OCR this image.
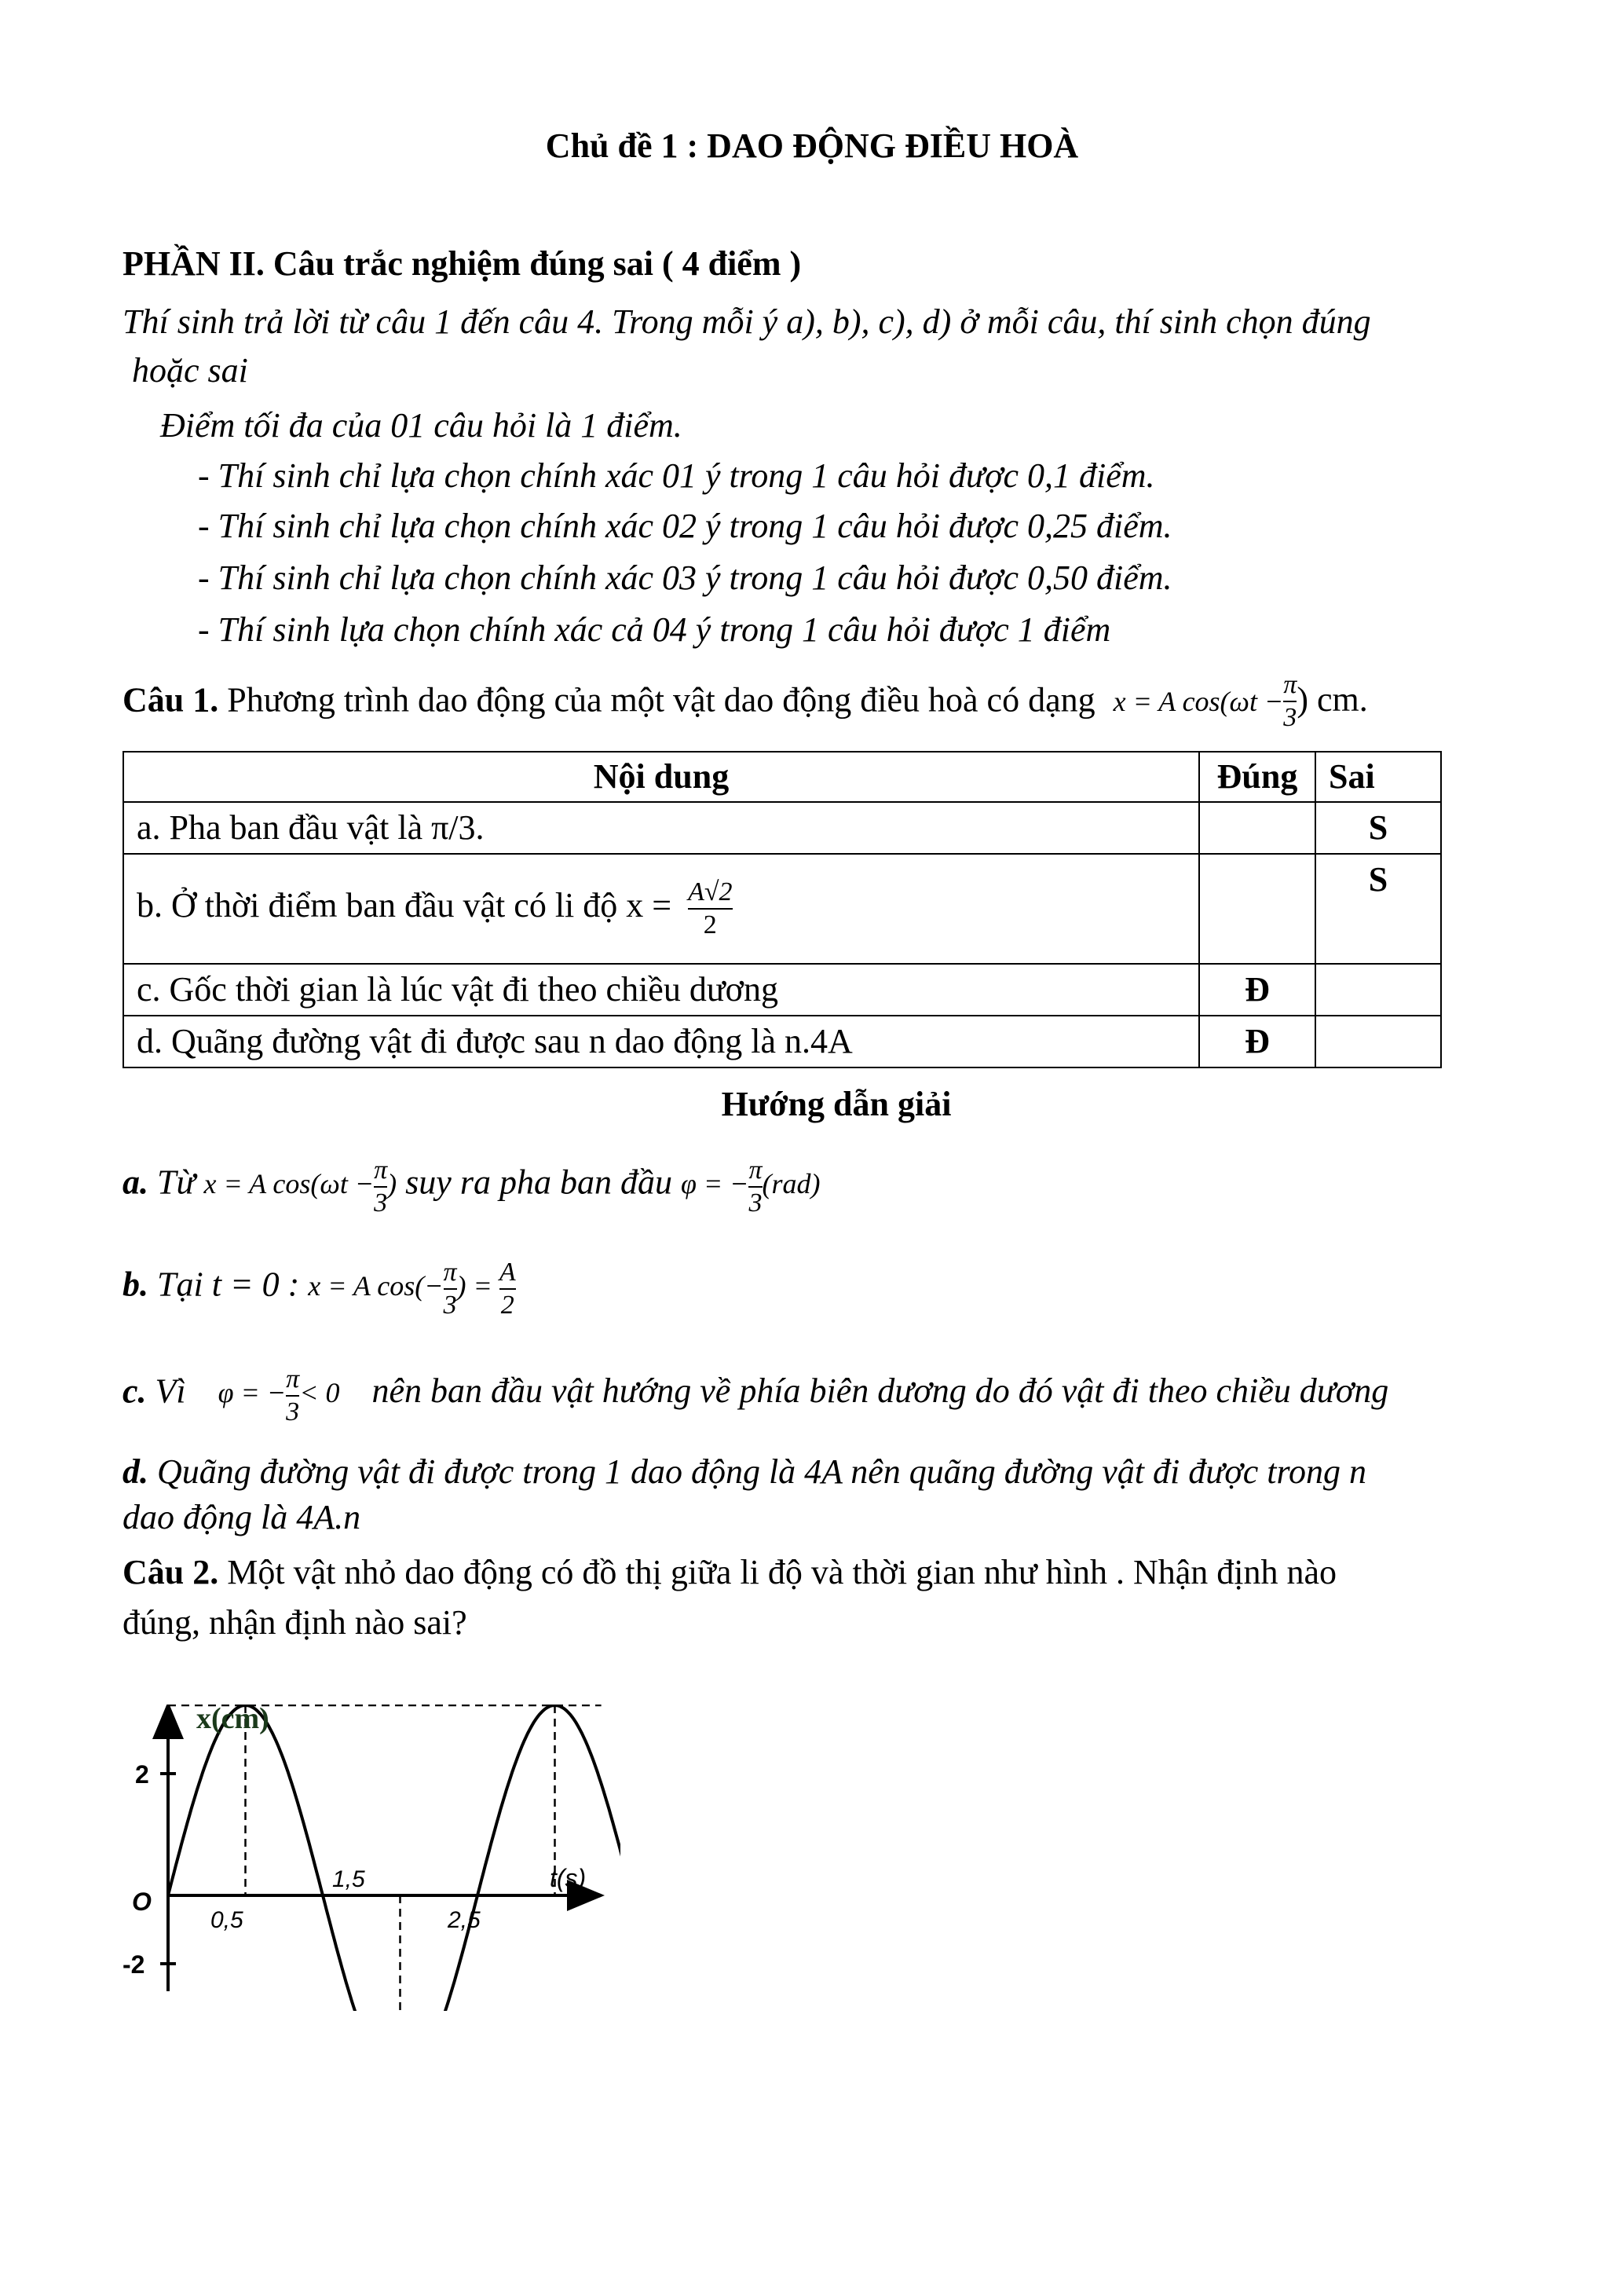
Chủ đề 1 : DAO ĐỘNG ĐIỀU HOÀ
PHẦN II. Câu trắc nghiệm đúng sai ( 4 điểm )
Thí sinh trả lời từ câu 1 đến câu 4. Trong mỗi ý a), b), c), d) ở mỗi câu, thí sinh chọn đúng
hoặc sai
Điểm tối đa của 01 câu hỏi là 1 điểm.
- Thí sinh chỉ lựa chọn chính xác 01 ý trong 1 câu hỏi được 0,1 điểm.
- Thí sinh chỉ lựa chọn chính xác 02 ý trong 1 câu hỏi được 0,25 điểm.
- Thí sinh chỉ lựa chọn chính xác 03 ý trong 1 câu hỏi được 0,50 điểm.
- Thí sinh lựa chọn chính xác cả 04 ý trong 1 câu hỏi được 1 điểm
Câu 1. Phương trình dao động của một vật dao động điều hoà có dạng x = A $\cos(\omega t - \frac{\pi}{3}$ ) cm.
Nội dung	Đúng	Sai
a. Pha ban đầu vật là π/3.		S
b. Ở thời điểm ban đầu vật có li độ $x = \frac{A√2}{2}$		S
c. Gốc thời gian là lúc vật đi theo chiều dương	Đ	
d. Quãng đường vật đi được sau n dao động là n.4A	Đ	
Hướng dẫn giải
a. Từ x = A $\cos(\omega t - \frac{\pi}{3}$ ) suy ra pha ban đầu φ = − $\frac{\pi}{3} (rad)$
b. Tại t = 0 : x = A $\cos(- \frac{\pi}{3}$ ) = $\frac{A}{2}$
c. Vì φ = − $\frac{\pi}{3} < 0$ nên ban đầu vật hướng về phía biên dương do đó vật đi theo chiều dương
d. Quãng đường vật đi được trong 1 dao động là 4A nên quãng đường vật đi được trong n
dao động là 4A.n
Câu 2. Một vật nhỏ dao động có đồ thị giữa li độ và thời gian như hình . Nhận định nào
đúng, nhận định nào sai?
x(cm)
t(s)
O
2
-2
0,5
1,5
2,5
